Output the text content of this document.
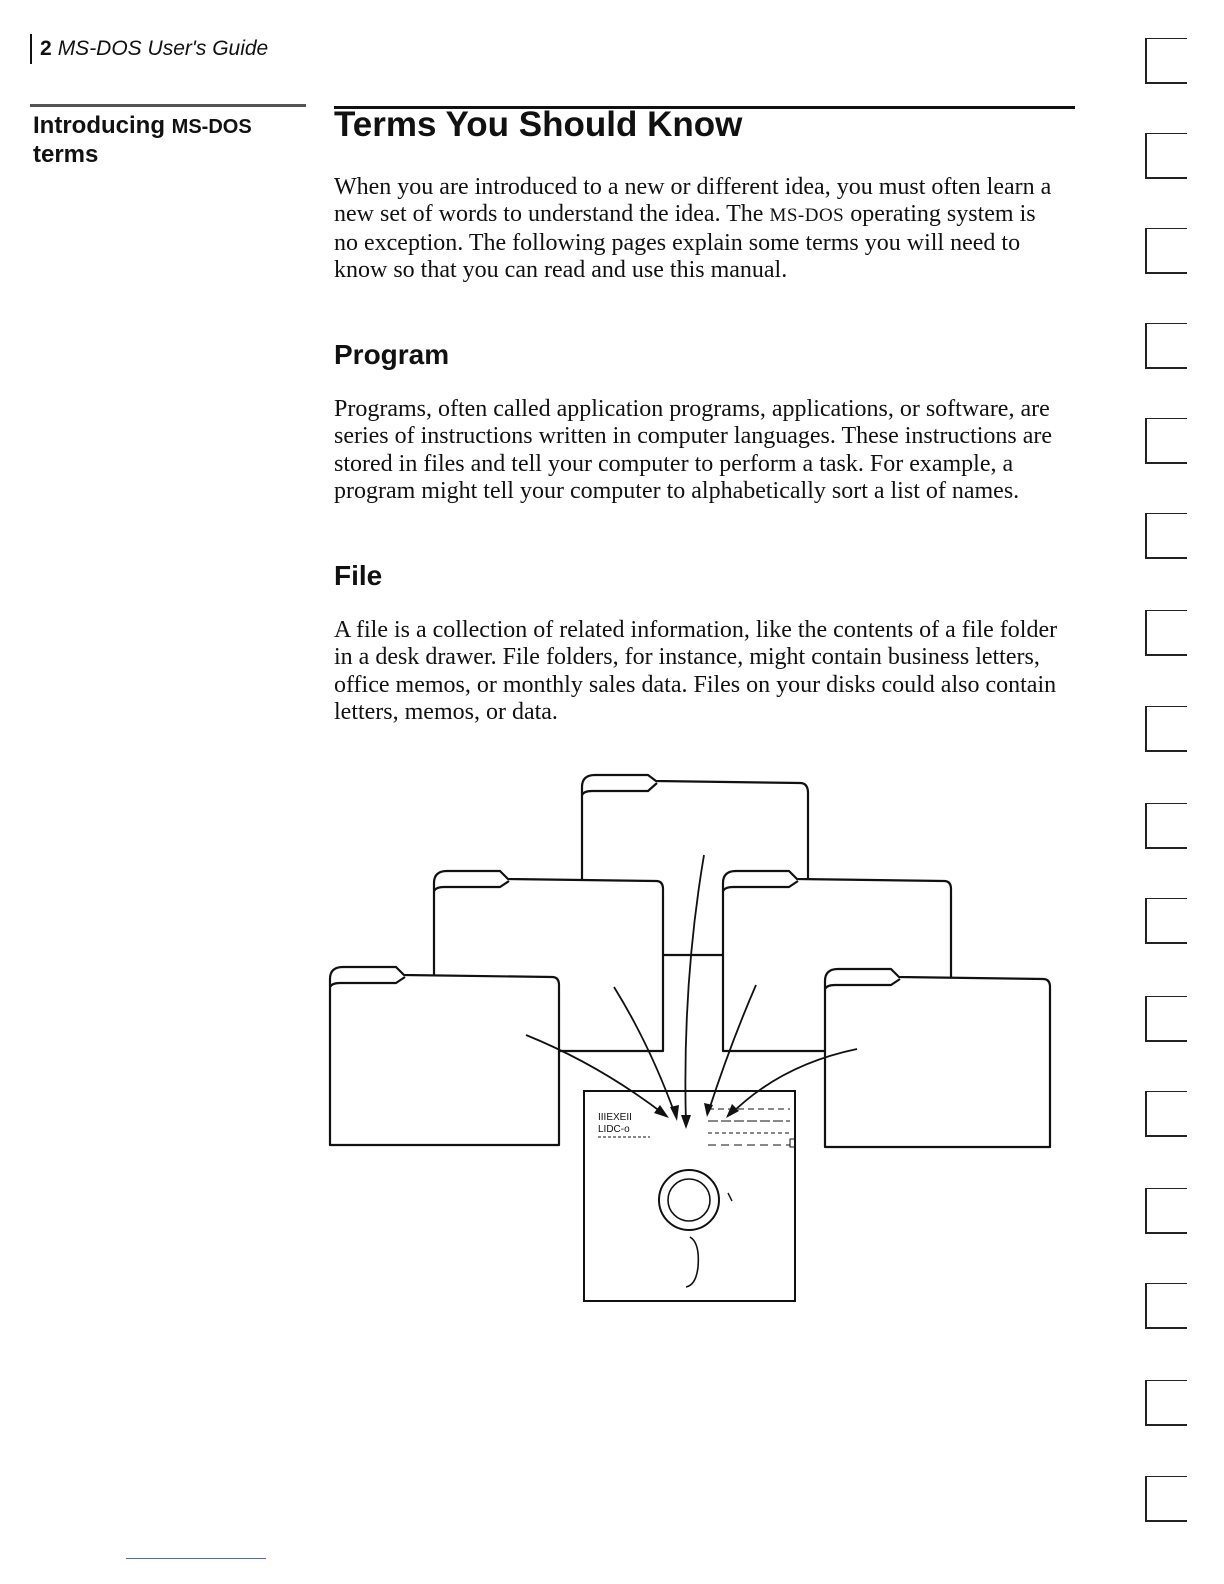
2 MS-DOS User's Guide
Introducing MS-DOS
terms
Terms You Should Know

When you are introduced to a new or different idea, you must often learn a new set of words to understand the idea. The MS-DOS operating system is no exception. The following pages explain some terms you will need to know so that you can read and use this manual.

Program

Programs, often called application programs, applications, or software, are series of instructions written in computer languages. These instructions are stored in files and tell your computer to perform a task. For example, a program might tell your computer to alphabetically sort a list of names.

File

A file is a collection of related information, like the contents of a file folder in a desk drawer. File folders, for instance, might contain business letters, office memos, or monthly sales data. Files on your disks could also contain letters, memos, or data.

IIIEXEII
LIDC-o
